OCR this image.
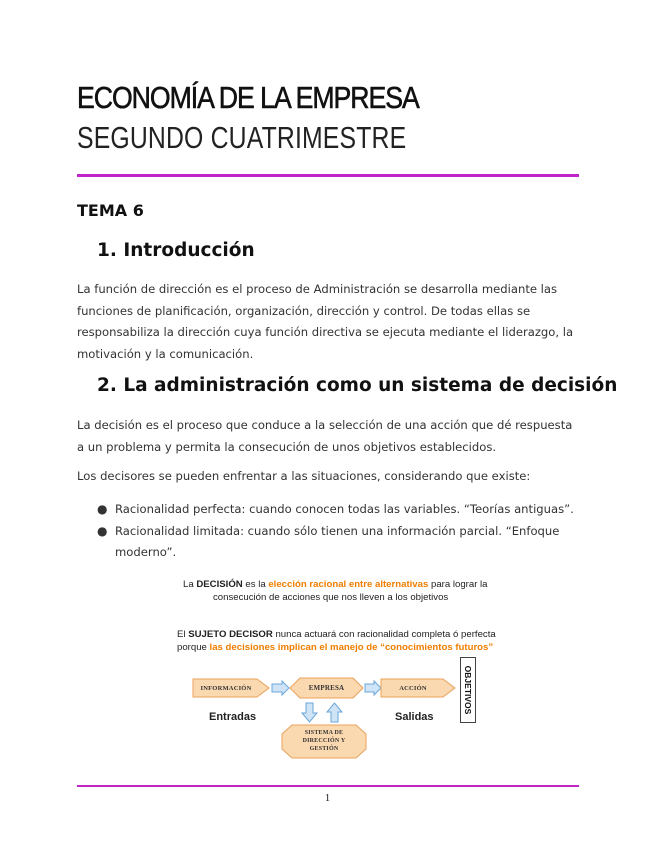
ECONOMÍA DE LA EMPRESA
SEGUNDO CUATRIMESTRE
TEMA 6
1. Introducción

La función de dirección es el proceso de Administración se desarrolla mediante las funciones de planificación, organización, dirección y control. De todas ellas se responsabiliza la dirección cuya función directiva se ejecuta mediante el liderazgo, la motivación y la comunicación.

2. La administración como un sistema de decisión

La decisión es el proceso que conduce a la selección de una acción que dé respuesta a un problema y permita la consecución de unos objetivos establecidos.

Los decisores se pueden enfrentar a las situaciones, considerando que existe:

● Racionalidad perfecta: cuando conocen todas las variables. “Teorías antiguas”.
● Racionalidad limitada: cuando sólo tienen una información parcial. “Enfoque moderno”.
La DECISIÓN es la elección racional entre alternativas para lograr la
consecución de acciones que nos lleven a los objetivos
El SUJETO DECISOR nunca actuará con racionalidad completa ó perfecta
porque las decisiones implican el manejo de “conocimientos futuros”
INFORMACIÓN	EMPRESA	ACCIÓN
SISTEMA DE DIRECCIÓN Y GESTIÓN
Entradas	Salidas
OBJETIVOS
1
